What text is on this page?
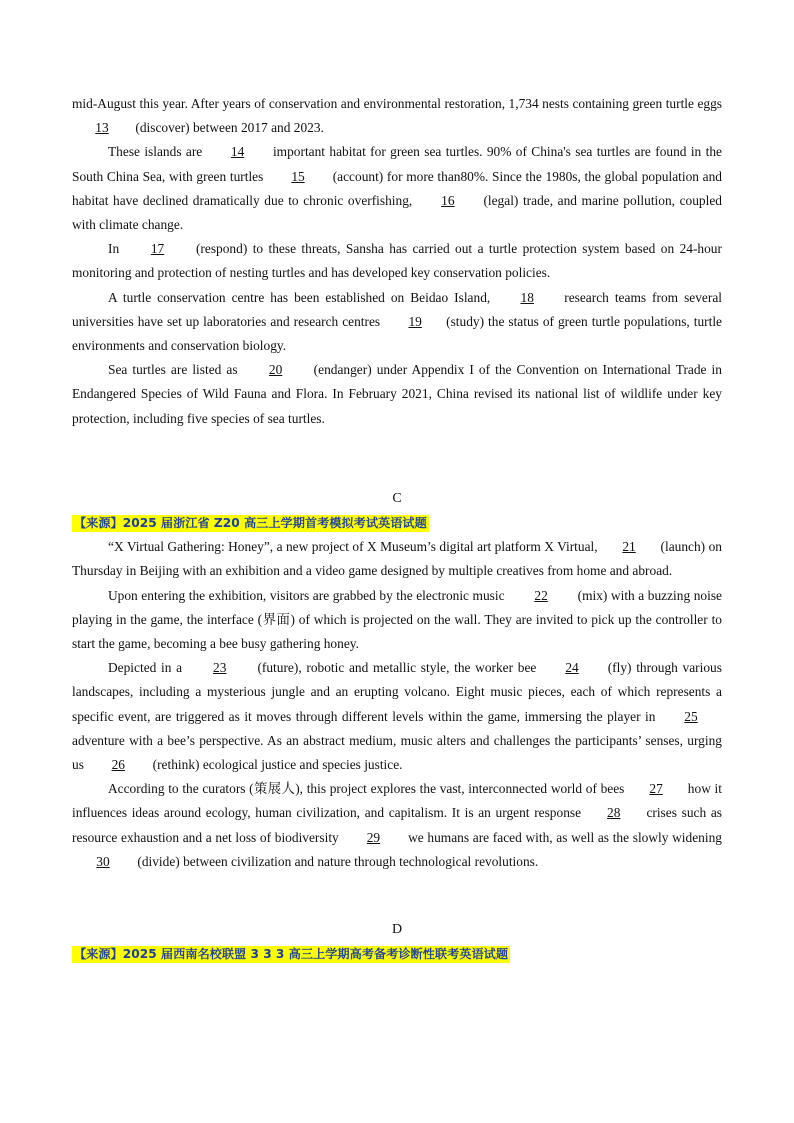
mid-August this year. After years of conservation and environmental restoration, 1,734 nests containing green turtle eggs 13 (discover) between 2017 and 2023.

These islands are 14 important habitat for green sea turtles. 90% of China's sea turtles are found in the South China Sea, with green turtles 15 (account) for more than80%. Since the 1980s, the global population and habitat have declined dramatically due to chronic overfishing, 16 (legal) trade, and marine pollution, coupled with climate change.

In 17 (respond) to these threats, Sansha has carried out a turtle protection system based on 24-hour monitoring and protection of nesting turtles and has developed key conservation policies.

A turtle conservation centre has been established on Beidao Island, 18 research teams from several universities have set up laboratories and research centres 19 (study) the status of green turtle populations, turtle environments and conservation biology.

Sea turtles are listed as 20 (endanger) under Appendix I of the Convention on International Trade in Endangered Species of Wild Fauna and Flora. In February 2021, China revised its national list of wildlife under key protection, including five species of sea turtles.

C

【来源】2025 届浙江省 Z20 高三上学期首考模拟考试英语试题

“X Virtual Gathering: Honey”, a new project of X Museum’s digital art platform X Virtual, 21 (launch) on Thursday in Beijing with an exhibition and a video game designed by multiple creatives from home and abroad.

Upon entering the exhibition, visitors are grabbed by the electronic music 22 (mix) with a buzzing noise playing in the game, the interface (界面) of which is projected on the wall. They are invited to pick up the controller to start the game, becoming a bee busy gathering honey.

Depicted in a 23 (future), robotic and metallic style, the worker bee 24 (fly) through various landscapes, including a mysterious jungle and an erupting volcano. Eight music pieces, each of which represents a specific event, are triggered as it moves through different levels within the game, immersing the player in 25 adventure with a bee’s perspective. As an abstract medium, music alters and challenges the participants’ senses, urging us 26 (rethink) ecological justice and species justice.

According to the curators (策展人), this project explores the vast, interconnected world of bees 27 how it influences ideas around ecology, human civilization, and capitalism. It is an urgent response 28 crises such as resource exhaustion and a net loss of biodiversity 29 we humans are faced with, as well as the slowly widening 30 (divide) between civilization and nature through technological revolutions.

D

【来源】2025 届西南名校联盟 3 3 3 高三上学期高考备考诊断性联考英语试题
